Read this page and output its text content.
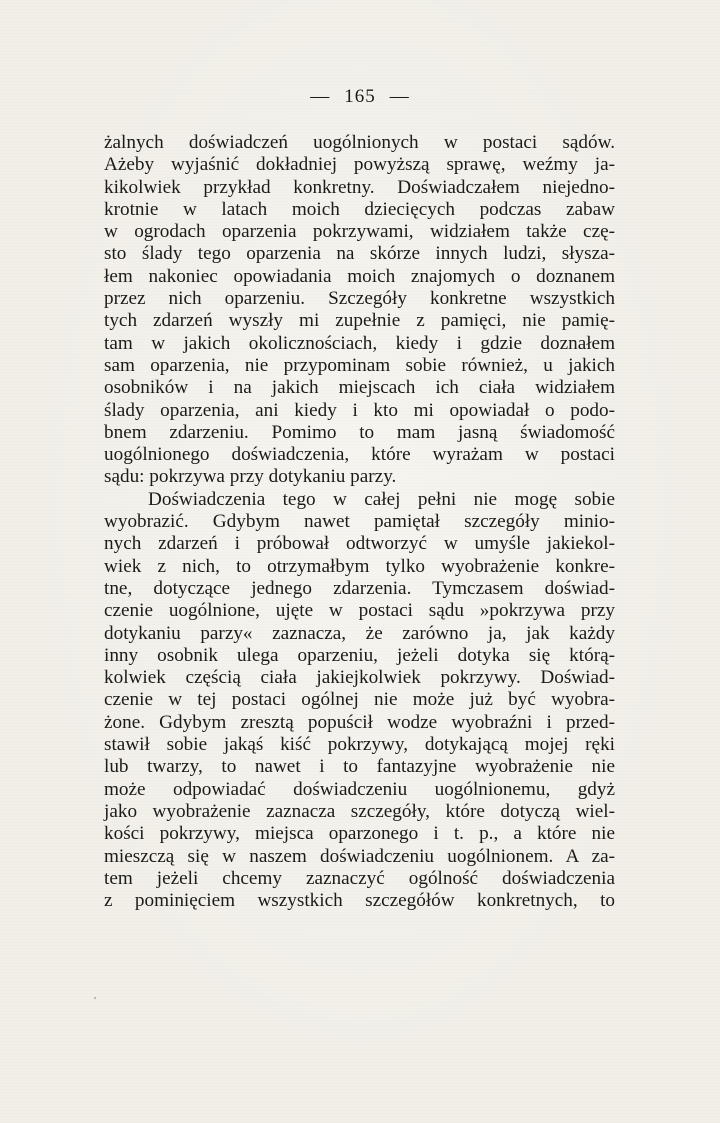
— 165 —
żalnych doświadczeń uogólnionych w postaci sądów.
Ażeby wyjaśnić dokładniej powyższą sprawę, weźmy ja-
kikolwiek przykład konkretny. Doświadczałem niejedno-
krotnie w latach moich dziecięcych podczas zabaw
w ogrodach oparzenia pokrzywami, widziałem także czę-
sto ślady tego oparzenia na skórze innych ludzi, słysza-
łem nakoniec opowiadania moich znajomych o doznanem
przez nich oparzeniu. Szczegóły konkretne wszystkich
tych zdarzeń wyszły mi zupełnie z pamięci, nie pamię-
tam w jakich okolicznościach, kiedy i gdzie doznałem
sam oparzenia, nie przypominam sobie również, u jakich
osobników i na jakich miejscach ich ciała widziałem
ślady oparzenia, ani kiedy i kto mi opowiadał o podo-
bnem zdarzeniu. Pomimo to mam jasną świadomość
uogólnionego doświadczenia, które wyrażam w postaci
sądu: pokrzywa przy dotykaniu parzy.
Doświadczenia tego w całej pełni nie mogę sobie
wyobrazić. Gdybym nawet pamiętał szczegóły minio-
nych zdarzeń i próbował odtworzyć w umyśle jakiekol-
wiek z nich, to otrzymałbym tylko wyobrażenie konkre-
tne, dotyczące jednego zdarzenia. Tymczasem doświad-
czenie uogólnione, ujęte w postaci sądu »pokrzywa przy
dotykaniu parzy« zaznacza, że zarówno ja, jak każdy
inny osobnik ulega oparzeniu, jeżeli dotyka się którą-
kolwiek częścią ciała jakiejkolwiek pokrzywy. Doświad-
czenie w tej postaci ogólnej nie może już być wyobra-
żone. Gdybym zresztą popuścił wodze wyobraźni i przed-
stawił sobie jakąś kiść pokrzywy, dotykającą mojej ręki
lub twarzy, to nawet i to fantazyjne wyobrażenie nie
może odpowiadać doświadczeniu uogólnionemu, gdyż
jako wyobrażenie zaznacza szczegóły, które dotyczą wiel-
kości pokrzywy, miejsca oparzonego i t. p., a które nie
mieszczą się w naszem doświadczeniu uogólnionem. A za-
tem jeżeli chcemy zaznaczyć ogólność doświadczenia
z pominięciem wszystkich szczegółów konkretnych, to
